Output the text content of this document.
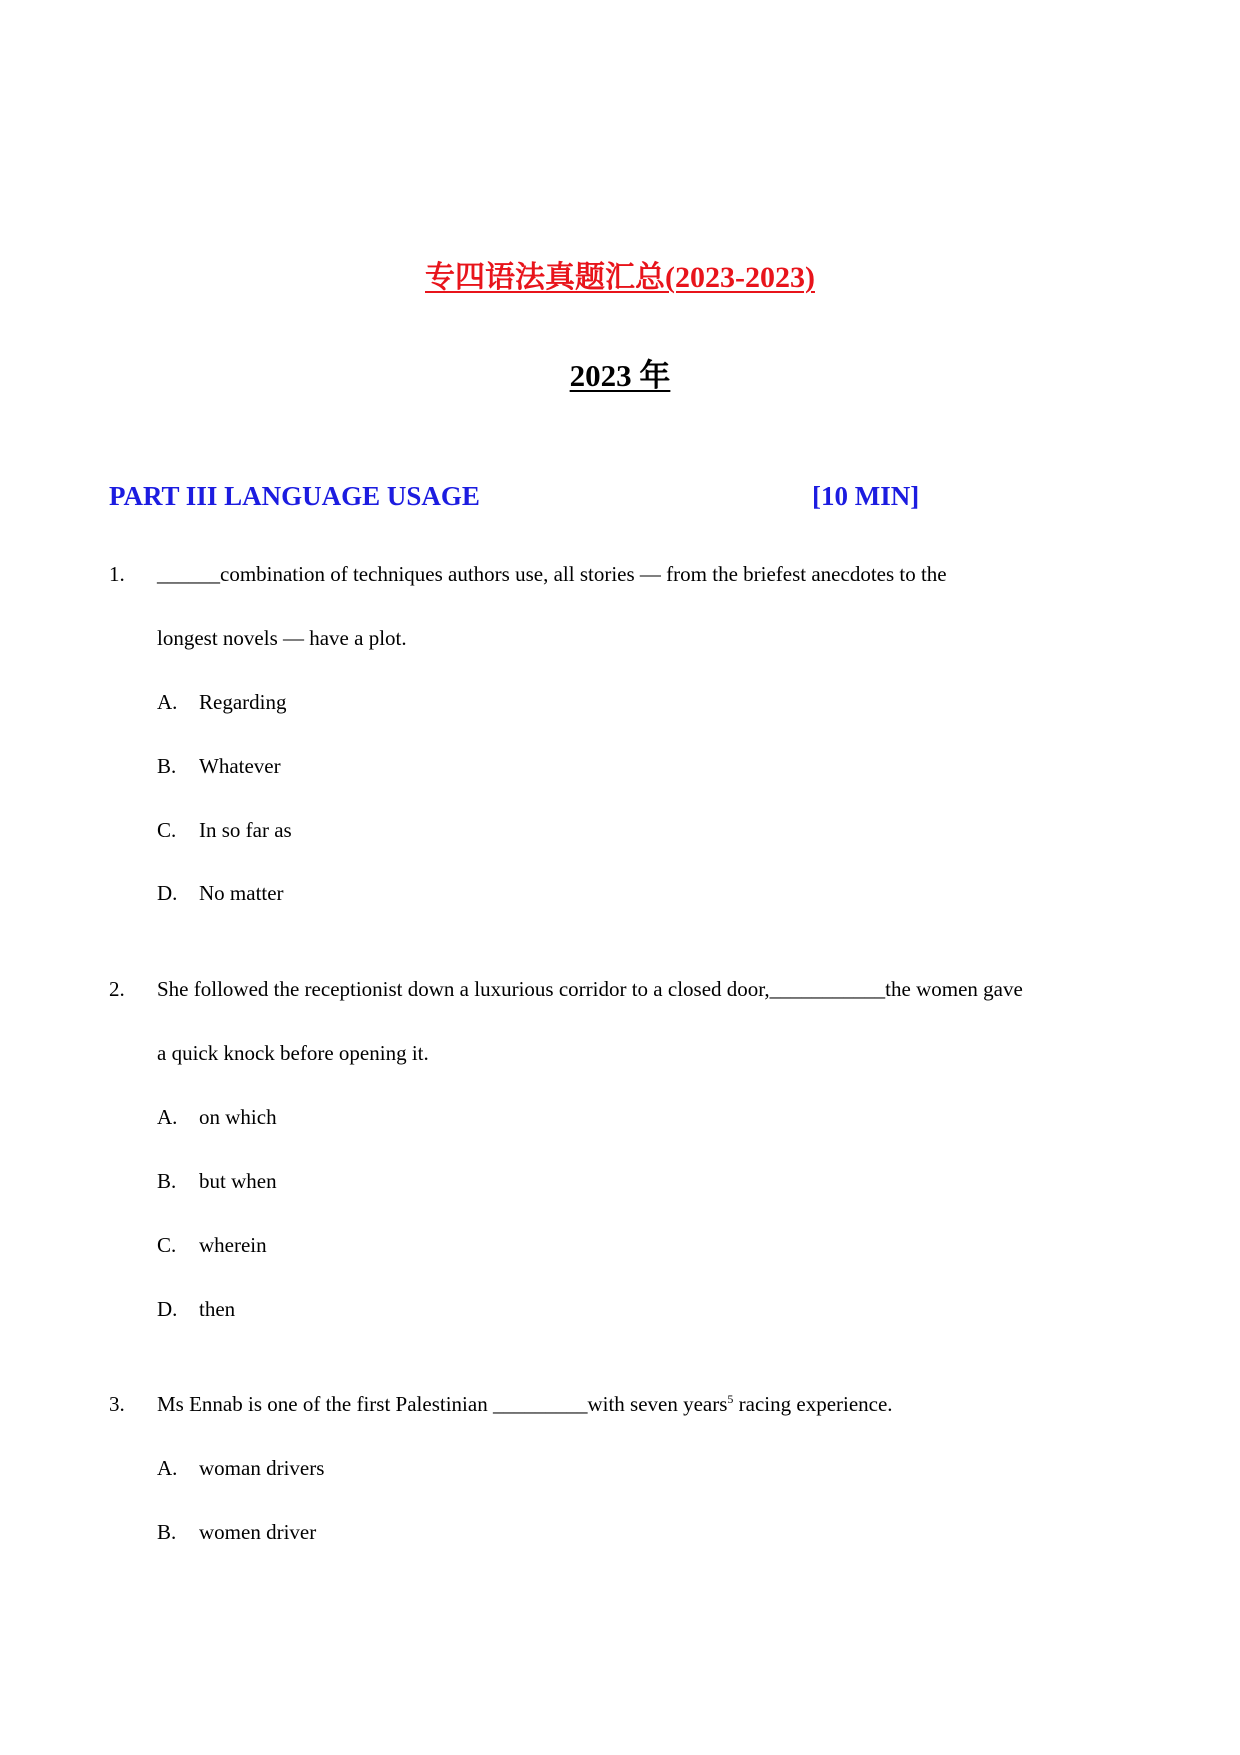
专四语法真题汇总(2023-2023)
2023 年
PART III LANGUAGE USAGE	[10 MIN]
1. ______combination of techniques authors use, all stories — from the briefest anecdotes to the
longest novels — have a plot.
A. Regarding
B. Whatever
C. In so far as
D. No matter
2. She followed the receptionist down a luxurious corridor to a closed door,___________the women gave
a quick knock before opening it.
A. on which
B. but when
C. wherein
D. then
3. Ms Ennab is one of the first Palestinian _________with seven years$^5$ racing experience.
A. woman drivers
B. women driver
